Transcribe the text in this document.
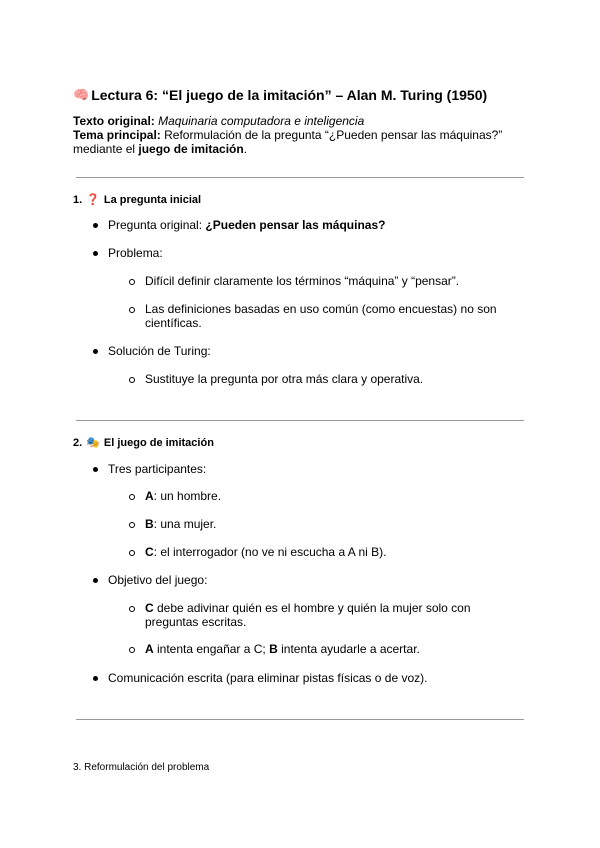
🧠 Lectura 6: “El juego de la imitación” – Alan M. Turing (1950)
Texto original: Maquinaria computadora e inteligencia
Tema principal: Reformulación de la pregunta “¿Pueden pensar las máquinas?” mediante el juego de imitación.
1. ❓ La pregunta inicial
Pregunta original: ¿Pueden pensar las máquinas?
Problema:
Difícil definir claramente los términos “máquina” y “pensar”.
Las definiciones basadas en uso común (como encuestas) no son científicas.
Solución de Turing:
Sustituye la pregunta por otra más clara y operativa.
2. 🎭 El juego de imitación
Tres participantes:
A: un hombre.
B: una mujer.
C: el interrogador (no ve ni escucha a A ni B).
Objetivo del juego:
C debe adivinar quién es el hombre y quién la mujer solo con preguntas escritas.
A intenta engañar a C; B intenta ayudarle a acertar.
Comunicación escrita (para eliminar pistas físicas o de voz).
3. Reformulación del problema
